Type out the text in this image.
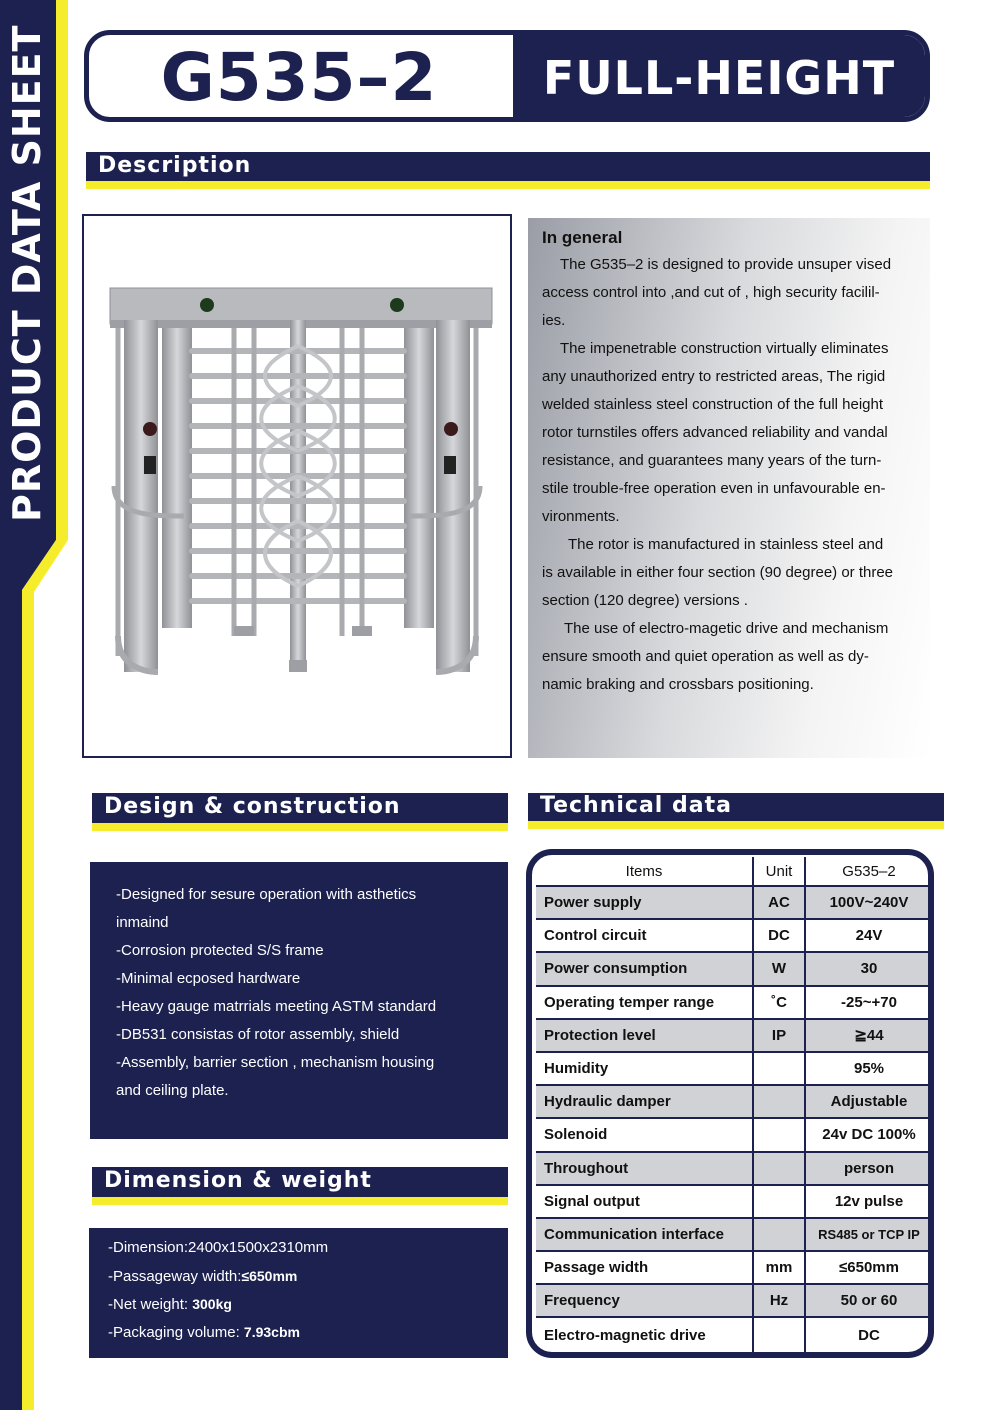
PRODUCT DATA SHEET	G535–2	FULL-HEIGHT
Description
In general
The G535–2 is designed to provide unsuper vised
access control into ,and cut of , high security facilil-
ies.
The impenetrable construction virtually eliminates
any unauthorized entry to restricted areas, The rigid
welded stainless steel construction of the full height
rotor turnstiles offers advanced reliability and vandal
resistance, and guarantees many years of the turn-
stile trouble-free operation even in unfavourable en-
vironments.
The rotor is manufactured in stainless steel and
is available in either four section (90 degree) or three
section (120 degree) versions .
The use of electro-magetic drive and mechanism
ensure smooth and quiet operation as well as dy-
namic braking and crossbars positioning.
Design & construction
-Designed for sesure operation with asthetics
inmaind
-Corrosion protected S/S frame
-Minimal ecposed hardware
-Heavy gauge matrrials meeting ASTM standard
-DB531 consistas of rotor assembly, shield
-Assembly, barrier section , mechanism housing
and ceiling plate.
Dimension & weight
-Dimension:2400x1500x2310mm
-Passageway width:≤650mm
-Net weight: 300kg
-Packaging volume: 7.93cbm
Technical data
Items	Unit	G535–2
Power supply	AC	100V~240V
Control circuit	DC	24V
Power consumption	W	30
Operating temper range	˚C	-25~+70
Protection level	IP	≧44
Humidity		95%
Hydraulic damper		Adjustable
Solenoid		24v DC 100%
Throughout		person
Signal output		12v pulse
Communication interface		RS485 or TCP IP
Passage width	mm	≤650mm
Frequency	Hz	50 or 60
Electro-magnetic drive		DC
